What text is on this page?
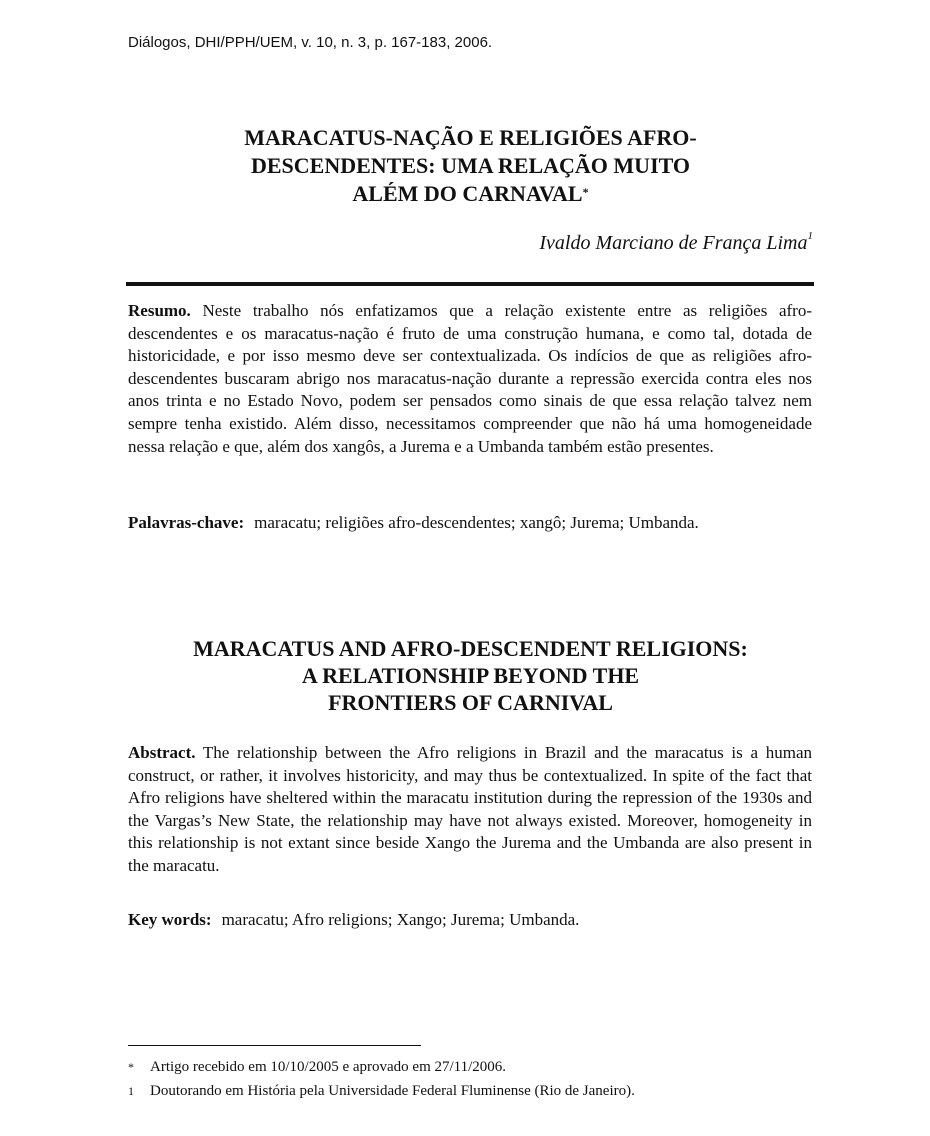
Diálogos, DHI/PPH/UEM, v. 10, n. 3, p. 167-183, 2006.
MARACATUS-NAÇÃO E RELIGIÕES AFRO-
DESCENDENTES: UMA RELAÇÃO MUITO
ALÉM DO CARNAVAL*
Ivaldo Marciano de França Lima$^1$
Resumo. Neste trabalho nós enfatizamos que a relação existente entre as religiões afro-descendentes e os maracatus-nação é fruto de uma construção humana, e como tal, dotada de historicidade, e por isso mesmo deve ser contextualizada. Os indícios de que as religiões afro-descendentes buscaram abrigo nos maracatus-nação durante a repressão exercida contra eles nos anos trinta e no Estado Novo, podem ser pensados como sinais de que essa relação talvez nem sempre tenha existido. Além disso, necessitamos compreender que não há uma homogeneidade nessa relação e que, além dos xangôs, a Jurema e a Umbanda também estão presentes.
Palavras-chave: maracatu; religiões afro-descendentes; xangô; Jurema; Umbanda.
MARACATUS AND AFRO-DESCENDENT RELIGIONS:
A RELATIONSHIP BEYOND THE
FRONTIERS OF CARNIVAL
Abstract. The relationship between the Afro religions in Brazil and the maracatus is a human construct, or rather, it involves historicity, and may thus be contextualized. In spite of the fact that Afro religions have sheltered within the maracatu institution during the repression of the 1930s and the Vargas’s New State, the relationship may have not always existed. Moreover, homogeneity in this relationship is not extant since beside Xango the Jurema and the Umbanda are also present in the maracatu.
Key words: maracatu; Afro religions; Xango; Jurema; Umbanda.
*	Artigo recebido em 10/10/2005 e aprovado em 27/11/2006.
1	Doutorando em História pela Universidade Federal Fluminense (Rio de Janeiro).
